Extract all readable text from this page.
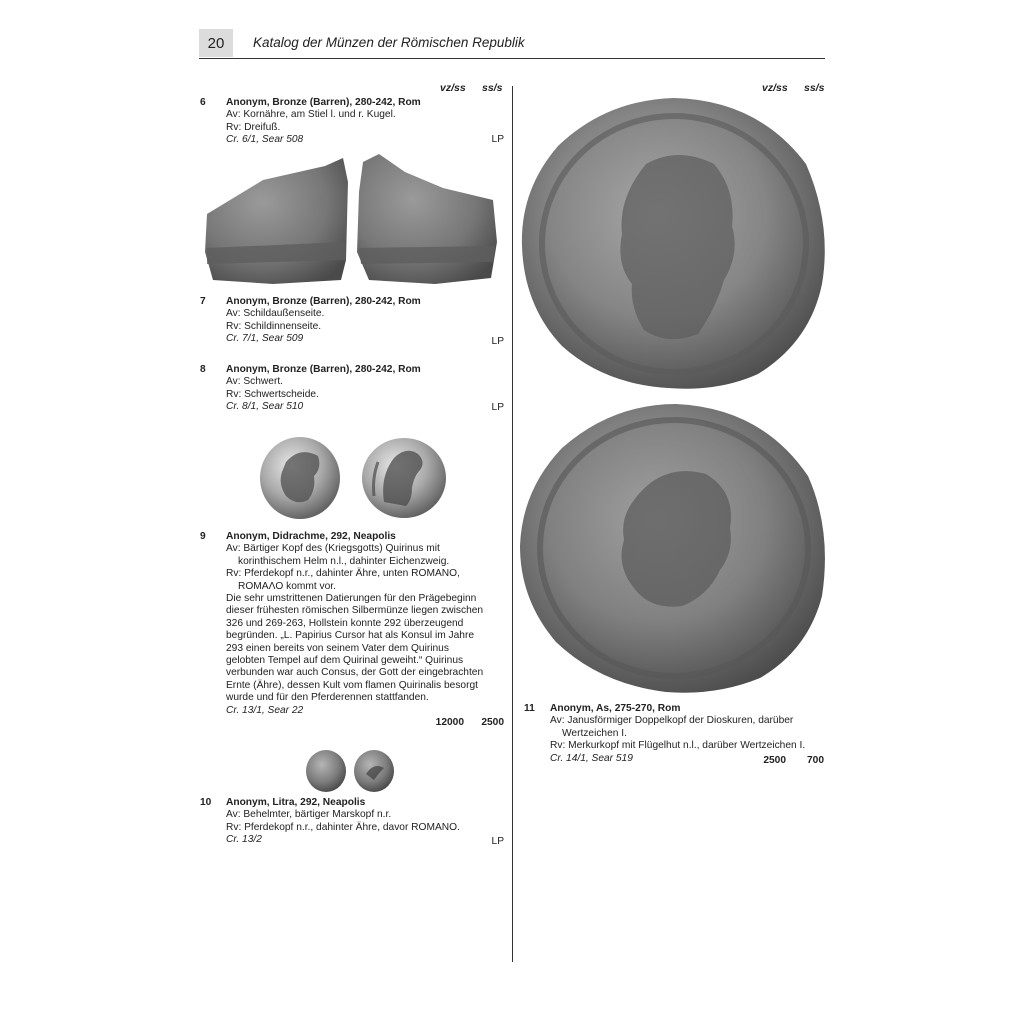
20	Katalog der Münzen der Römischen Republik
vz/ss ss/s	vz/ss ss/s
6	Anonym, Bronze (Barren), 280-242, Rom
Av: Kornähre, am Stiel l. und r. Kugel.
Rv: Dreifuß.
Cr. 6/1, Sear 508	LP
7	Anonym, Bronze (Barren), 280-242, Rom
Av: Schildaußenseite.
Rv: Schildinnenseite.
Cr. 7/1, Sear 509	LP
8	Anonym, Bronze (Barren), 280-242, Rom
Av: Schwert.
Rv: Schwertscheide.
Cr. 8/1, Sear 510	LP
9	Anonym, Didrachme, 292, Neapolis
Av: Bärtiger Kopf des (Kriegsgotts) Quirinus mit
korinthischem Helm n.l., dahinter Eichenzweig.
Rv: Pferdekopf n.r., dahinter Ähre, unten ROMANO,
ROMAΛO kommt vor.
Die sehr umstrittenen Datierungen für den Prägebeginn
dieser frühesten römischen Silbermünze liegen zwischen
326 und 269-263, Hollstein konnte 292 überzeugend
begründen. „L. Papirius Cursor hat als Konsul im Jahre
293 einen bereits von seinem Vater dem Quirinus
gelobten Tempel auf dem Quirinal geweiht.“ Quirinus
verbunden war auch Consus, der Gott der eingebrachten
Ernte (Ähre), dessen Kult vom flamen Quirinalis besorgt
wurde und für den Pferderennen stattfanden.
Cr. 13/1, Sear 22
12000 2500
10	Anonym, Litra, 292, Neapolis
Av: Behelmter, bärtiger Marskopf n.r.
Rv: Pferdekopf n.r., dahinter Ähre, davor ROMANO.
Cr. 13/2	LP
11	Anonym, As, 275-270, Rom
Av: Janusförmiger Doppelkopf der Dioskuren, darüber
Wertzeichen I.
Rv: Merkurkopf mit Flügelhut n.l., darüber Wertzeichen I.
Cr. 14/1, Sear 519	2500 700
